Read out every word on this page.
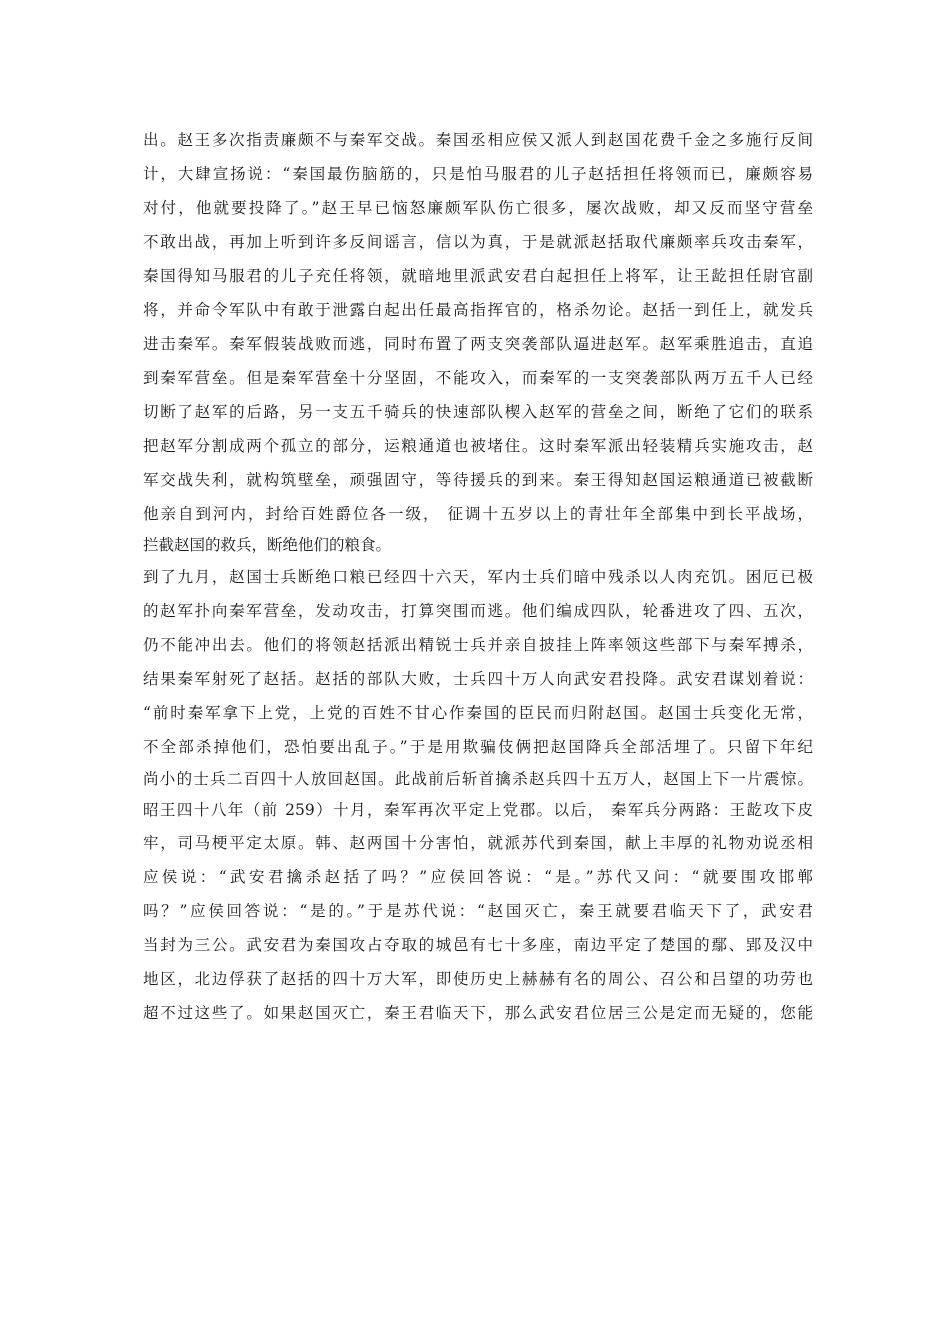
出。赵王多次指责廉颇不与秦军交战。秦国丞相应侯又派人到赵国花费千金之多施行反间
计，大肆宣扬说：“秦国最伤脑筋的，只是怕马服君的儿子赵括担任将领而已，廉颇容易
对付，他就要投降了。”赵王早已恼怒廉颇军队伤亡很多，屡次战败，却又反而坚守营垒
不敢出战，再加上听到许多反间谣言，信以为真，于是就派赵括取代廉颇率兵攻击秦军，
秦国得知马服君的儿子充任将领，就暗地里派武安君白起担任上将军，让王龁担任尉官副
将，并命令军队中有敢于泄露白起出任最高指挥官的，格杀勿论。赵括一到任上，就发兵
进击秦军。秦军假装战败而逃，同时布置了两支突袭部队逼进赵军。赵军乘胜追击，直追
到秦军营垒。但是秦军营垒十分坚固，不能攻入，而秦军的一支突袭部队两万五千人已经
切断了赵军的后路，另一支五千骑兵的快速部队楔入赵军的营垒之间，断绝了它们的联系
把赵军分割成两个孤立的部分，运粮通道也被堵住。这时秦军派出轻装精兵实施攻击，赵
军交战失利，就构筑壁垒，顽强固守，等待援兵的到来。秦王得知赵国运粮通道已被截断
他亲自到河内，封给百姓爵位各一级， 征调十五岁以上的青壮年全部集中到长平战场，
拦截赵国的救兵，断绝他们的粮食。
到了九月，赵国士兵断绝口粮已经四十六天，军内士兵们暗中残杀以人肉充饥。困厄已极
的赵军扑向秦军营垒，发动攻击，打算突围而逃。他们编成四队，轮番进攻了四、五次，
仍不能冲出去。他们的将领赵括派出精锐士兵并亲自披挂上阵率领这些部下与秦军搏杀，
结果秦军射死了赵括。赵括的部队大败，士兵四十万人向武安君投降。武安君谋划着说：
“前时秦军拿下上党，上党的百姓不甘心作秦国的臣民而归附赵国。赵国士兵变化无常，
不全部杀掉他们，恐怕要出乱子。”于是用欺骗伎俩把赵国降兵全部活埋了。只留下年纪
尚小的士兵二百四十人放回赵国。此战前后斩首擒杀赵兵四十五万人，赵国上下一片震惊。
昭王四十八年（前 259）十月，秦军再次平定上党郡。以后， 秦军兵分两路：王龁攻下皮
牢，司马梗平定太原。韩、赵两国十分害怕，就派苏代到秦国，献上丰厚的礼物劝说丞相
应侯说：“武安君擒杀赵括了吗？”应侯回答说：“是。”苏代又问：“就要围攻邯郸
吗？”应侯回答说：“是的。”于是苏代说：“赵国灭亡，秦王就要君临天下了，武安君
当封为三公。武安君为秦国攻占夺取的城邑有七十多座，南边平定了楚国的鄢、郢及汉中
地区，北边俘获了赵括的四十万大军，即使历史上赫赫有名的周公、召公和吕望的功劳也
超不过这些了。如果赵国灭亡，秦王君临天下，那么武安君位居三公是定而无疑的，您能
